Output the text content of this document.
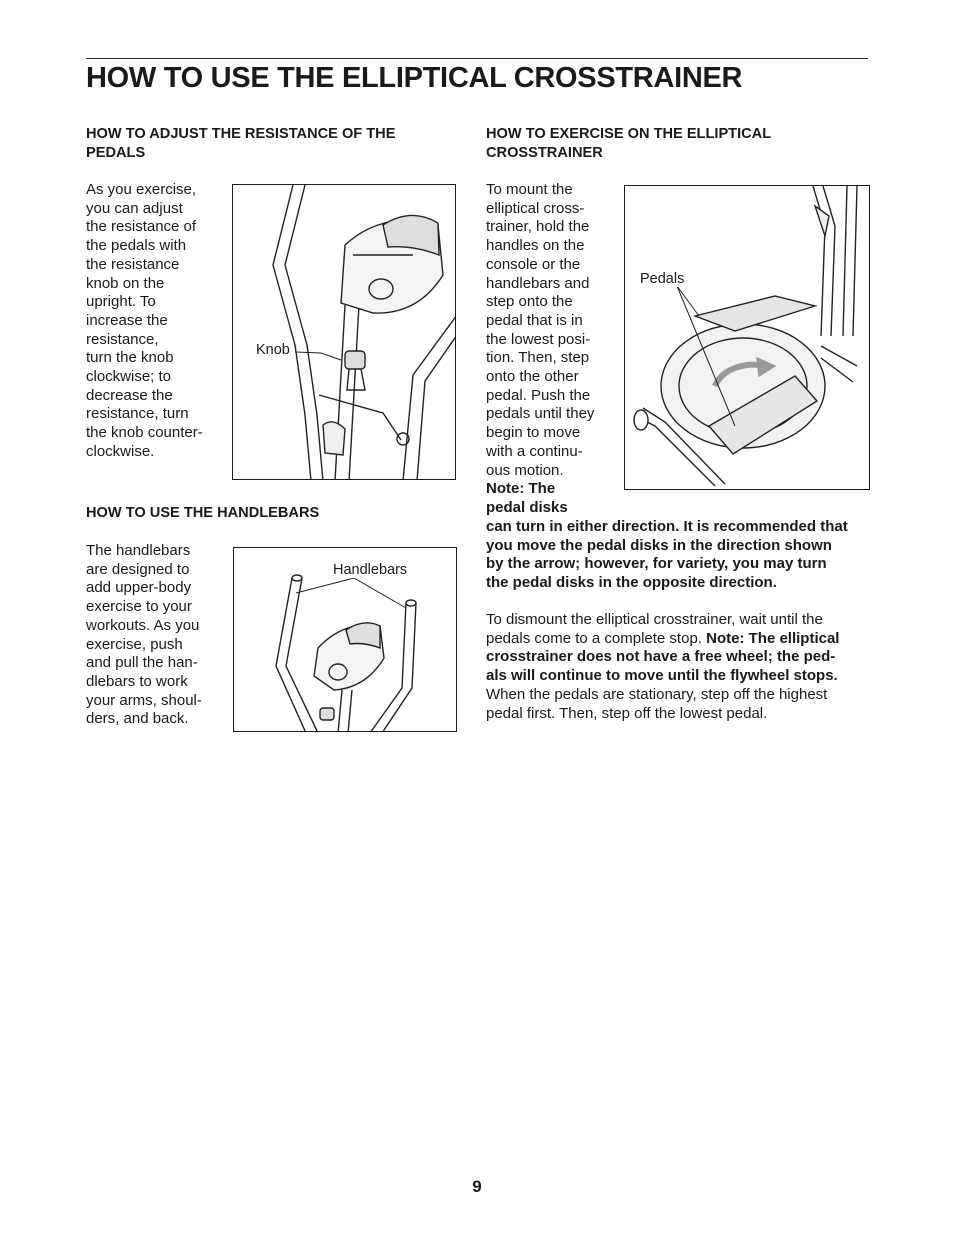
HOW TO USE THE ELLIPTICAL CROSSTRAINER
HOW TO ADJUST THE RESISTANCE OF THE
PEDALS
As you exercise,
you can adjust
the resistance of
the pedals with
the resistance
knob on the
upright. To
increase the
resistance,
turn the knob
clockwise; to
decrease the
resistance, turn
the knob counter-
clockwise.
Knob
HOW TO USE THE HANDLEBARS
The handlebars
are designed to
add upper-body
exercise to your
workouts. As you
exercise, push
and pull the han-
dlebars to work
your arms, shoul-
ders, and back.
Handlebars
HOW TO EXERCISE ON THE ELLIPTICAL
CROSSTRAINER
To mount the
elliptical cross-
trainer, hold the
handles on the
console or the
handlebars and
step onto the
pedal that is in
the lowest posi-
tion. Then, step
onto the other
pedal. Push the
pedals until they
begin to move
with a continu-
ous motion.
Note: The
pedal disks
Pedals
can turn in either direction. It is recommended that
you move the pedal disks in the direction shown
by the arrow; however, for variety, you may turn
the pedal disks in the opposite direction.
To dismount the elliptical crosstrainer, wait until the
pedals come to a complete stop. Note: The elliptical
crosstrainer does not have a free wheel; the ped-
als will continue to move until the flywheel stops.
When the pedals are stationary, step off the highest
pedal first. Then, step off the lowest pedal.
9
